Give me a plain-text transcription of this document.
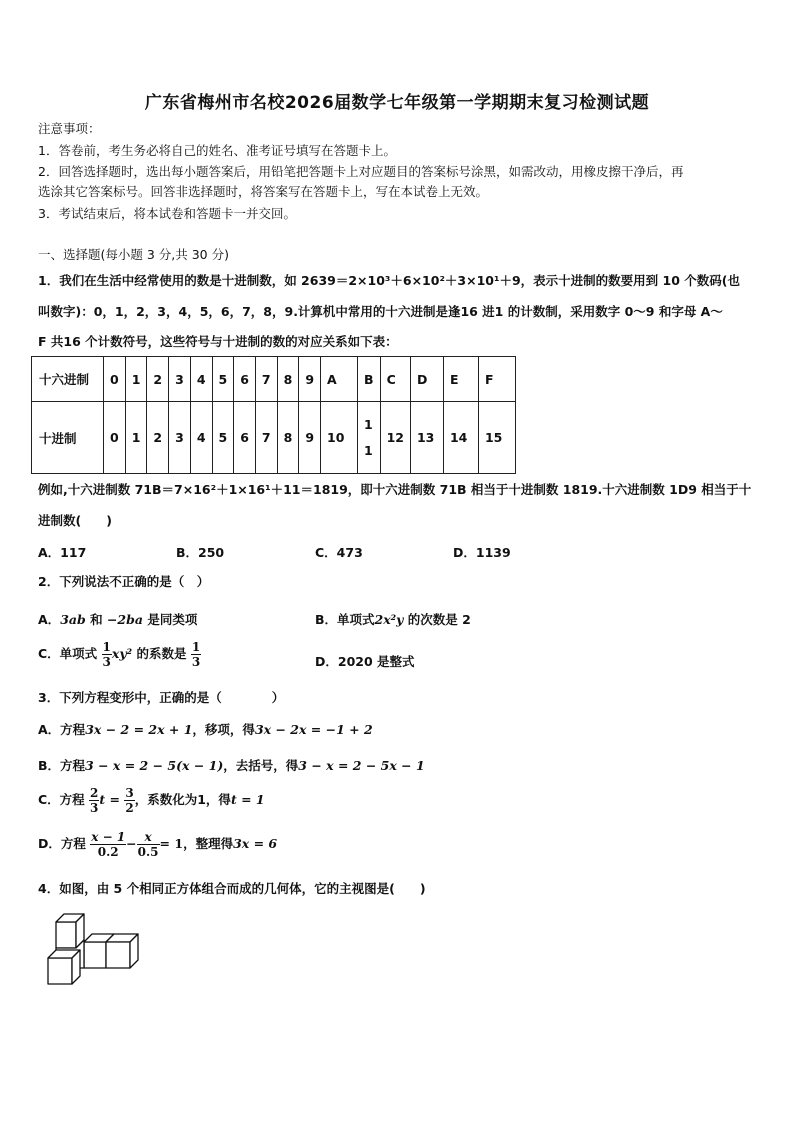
广东省梅州市名校2026届数学七年级第一学期期末复习检测试题
注意事项：
1．答卷前，考生务必将自己的姓名、准考证号填写在答题卡上。
2．回答选择题时，选出每小题答案后，用铅笔把答题卡上对应题目的答案标号涂黑，如需改动，用橡皮擦干净后，再
选涂其它答案标号。回答非选择题时，将答案写在答题卡上，写在本试卷上无效。
3．考试结束后，将本试卷和答题卡一并交回。
一、选择题(每小题 3 分,共 30 分)
1．我们在生活中经常使用的数是十进制数，如 2639＝2×10³＋6×10²＋3×10¹＋9，表示十进制的数要用到 10 个数码(也
叫数字)：0，1，2，3，4，5，6，7，8，9.计算机中常用的十六进制是逢16 进1 的计数制，采用数字 0～9 和字母 A～
F 共16 个计数符号，这些符号与十进制的数的对应关系如下表：
十六进制	0	1	2	3	4	5	6	7	8	9	A	B	C	D	E	F
十进制	0	1	2	3	4	5	6	7	8	9	10	11	12	13	14	15
例如,十六进制数 71B＝7×16²＋1×16¹＋11＝1819，即十六进制数 71B 相当于十进制数 1819.十六进制数 1D9 相当于十
进制数(　　)
A．117	B．250	C．473	D．1139
2．下列说法不正确的是（　）
A．3ab 和 −2ba 是同类项	B．单项式2x²y 的次数是 2
C．单项式 $\frac{1}{3} xy^2$ 的系数是 $\frac{1}{3}$	D．2020 是整式
3．下列方程变形中，正确的是（　　　　）
A．方程3x − 2 = 2x + 1，移项，得3x − 2x = −1 + 2
B．方程3 − x = 2 − 5(x − 1)，去括号，得3 − x = 2 − 5x − 1
C．方程 $\frac{2}{3}$ $t = \frac{3}{2}$ ，系数化为1，得t = 1
D．方程 $\frac{x - 1}{0.2} - \frac{x}{0.5} = 1$，整理得3x = 6
4．如图，由 5 个相同正方体组合而成的几何体，它的主视图是(　　)
